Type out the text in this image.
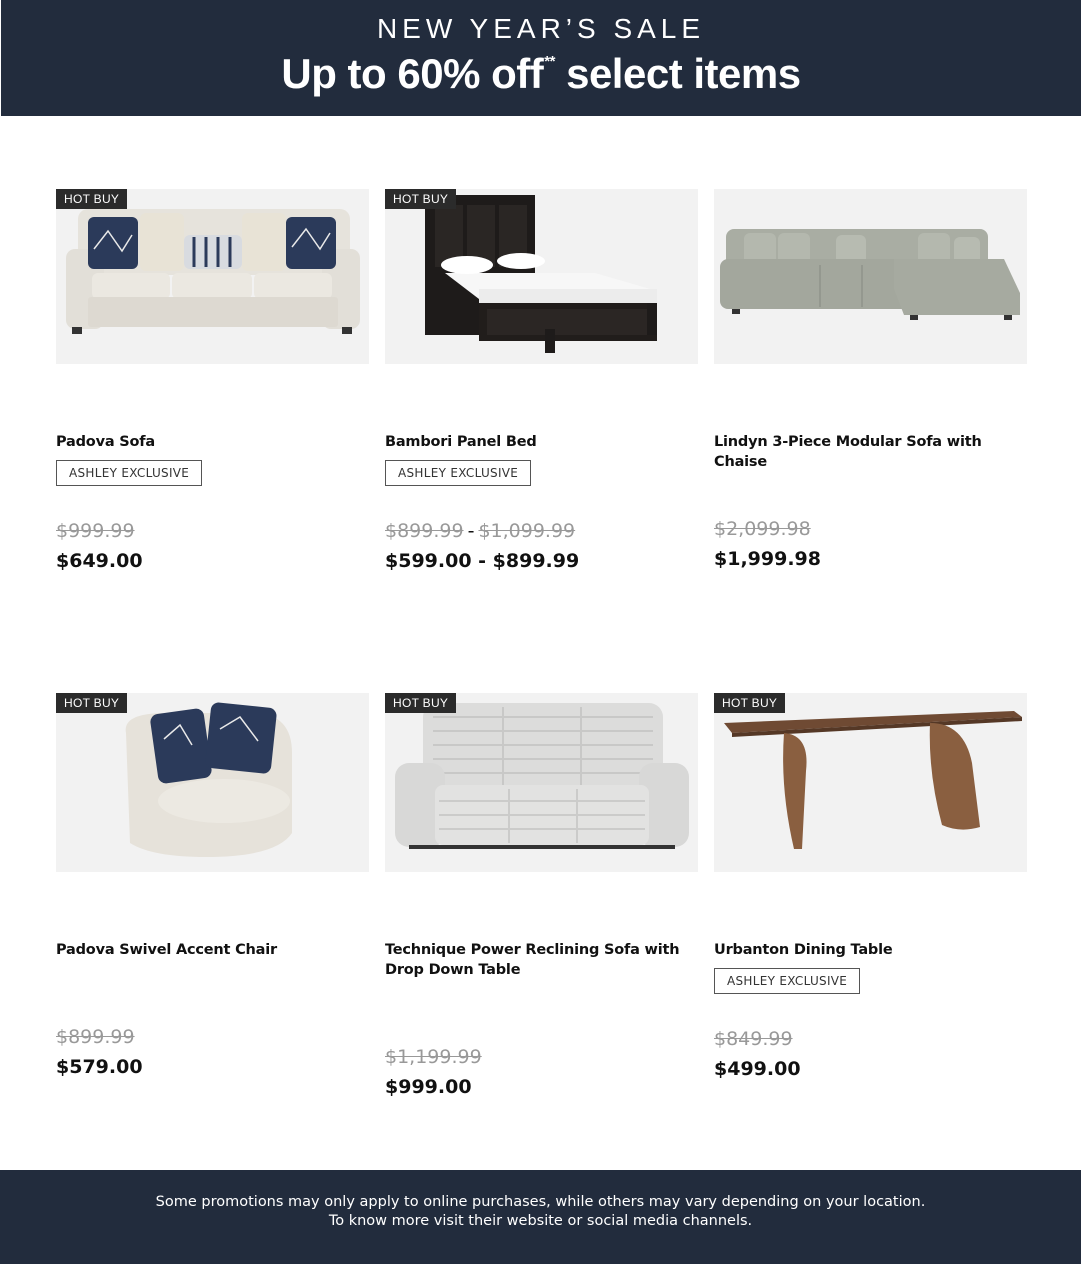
NEW YEAR’S SALE
Up to 60% off** select items
HOT BUY
Padova Sofa
ASHLEY EXCLUSIVE
$999.99
$649.00
HOT BUY
Bambori Panel Bed
ASHLEY EXCLUSIVE
$899.99 - $1,099.99
$599.00 - $899.99
Lindyn 3-Piece Modular Sofa with Chaise
$2,099.98
$1,999.98
HOT BUY
Padova Swivel Accent Chair
$899.99
$579.00
HOT BUY
Technique Power Reclining Sofa with Drop Down Table
$1,199.99
$999.00
HOT BUY
Urbanton Dining Table
ASHLEY EXCLUSIVE
$849.99
$499.00
Some promotions may only apply to online purchases, while others may vary depending on your location.
To know more visit their website or social media channels.
